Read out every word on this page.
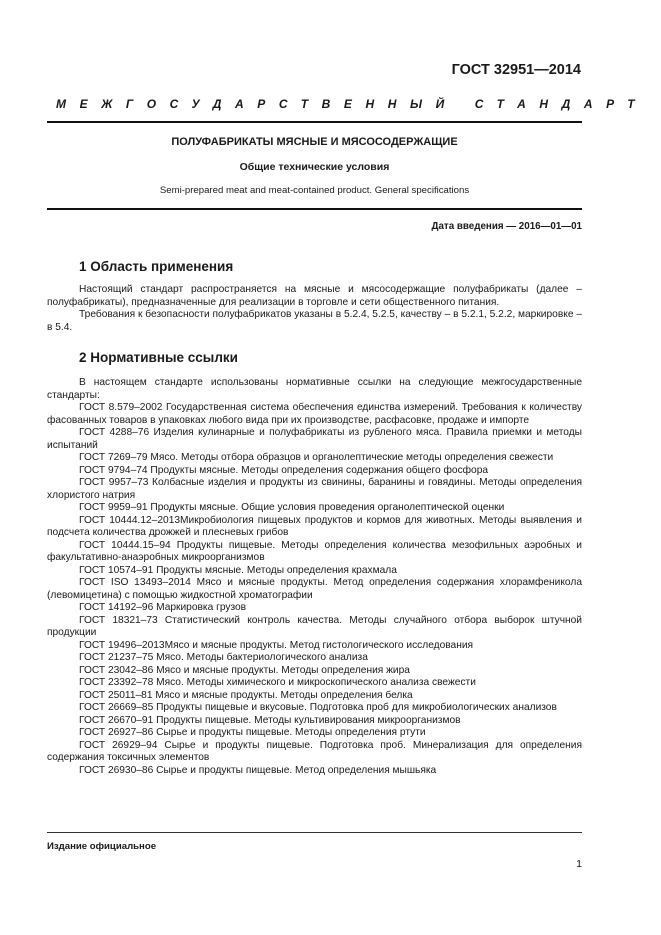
ГОСТ 32951—2014
МЕЖГОСУДАРСТВЕННЫЙ СТАНДАРТ
ПОЛУФАБРИКАТЫ МЯСНЫЕ И МЯСОСОДЕРЖАЩИЕ
Общие технические условия
Semi-prepared meat and meat-contained product. General specifications
Дата введения — 2016—01—01
1 Область применения

Настоящий стандарт распространяется на мясные и мясосодержащие полуфабрикаты (далее – полуфабрикаты), предназначенные для реализации в торговле и сети общественного питания.

Требования к безопасности полуфабрикатов указаны в 5.2.4, 5.2.5, качеству – в 5.2.1, 5.2.2, маркировке – в 5.4.

2 Нормативные ссылки

В настоящем стандарте использованы нормативные ссылки на следующие межгосударственные стандарты:

ГОСТ 8.579–2002 Государственная система обеспечения единства измерений. Требования к количеству фасованных товаров в упаковках любого вида при их производстве, расфасовке, продаже и импорте

ГОСТ 4288–76 Изделия кулинарные и полуфабрикаты из рубленого мяса. Правила приемки и методы испытаний

ГОСТ 7269–79 Мясо. Методы отбора образцов и органолептические методы определения свежести

ГОСТ 9794–74 Продукты мясные. Методы определения содержания общего фосфора

ГОСТ 9957–73 Колбасные изделия и продукты из свинины, баранины и говядины. Методы определения хлористого натрия

ГОСТ 9959–91 Продукты мясные. Общие условия проведения органолептической оценки

ГОСТ 10444.12–2013Микробиология пищевых продуктов и кормов для животных. Методы выявления и подсчета количества дрожжей и плесневых грибов

ГОСТ 10444.15–94 Продукты пищевые. Методы определения количества мезофильных аэробных и факультативно-анаэробных микроорганизмов

ГОСТ 10574–91 Продукты мясные. Методы определения крахмала

ГОСТ ISO 13493–2014 Мясо и мясные продукты. Метод определения содержания хлорамфеникола (левомицетина) с помощью жидкостной хроматографии

ГОСТ 14192–96 Маркировка грузов

ГОСТ 18321–73 Статистический контроль качества. Методы случайного отбора выборок штучной продукции

ГОСТ 19496–2013Мясо и мясные продукты. Метод гистологического исследования

ГОСТ 21237–75 Мясо. Методы бактериологического анализа

ГОСТ 23042–86 Мясо и мясные продукты. Методы определения жира

ГОСТ 23392–78 Мясо. Методы химического и микроскопического анализа свежести

ГОСТ 25011–81 Мясо и мясные продукты. Методы определения белка

ГОСТ 26669–85 Продукты пищевые и вкусовые. Подготовка проб для микробиологических анализов

ГОСТ 26670–91 Продукты пищевые. Методы культивирования микроорганизмов

ГОСТ 26927–86 Сырье и продукты пищевые. Методы определения ртути

ГОСТ 26929–94 Сырье и продукты пищевые. Подготовка проб. Минерализация для определения содержания токсичных элементов

ГОСТ 26930–86 Сырье и продукты пищевые. Метод определения мышьяка

Издание официальное
1
